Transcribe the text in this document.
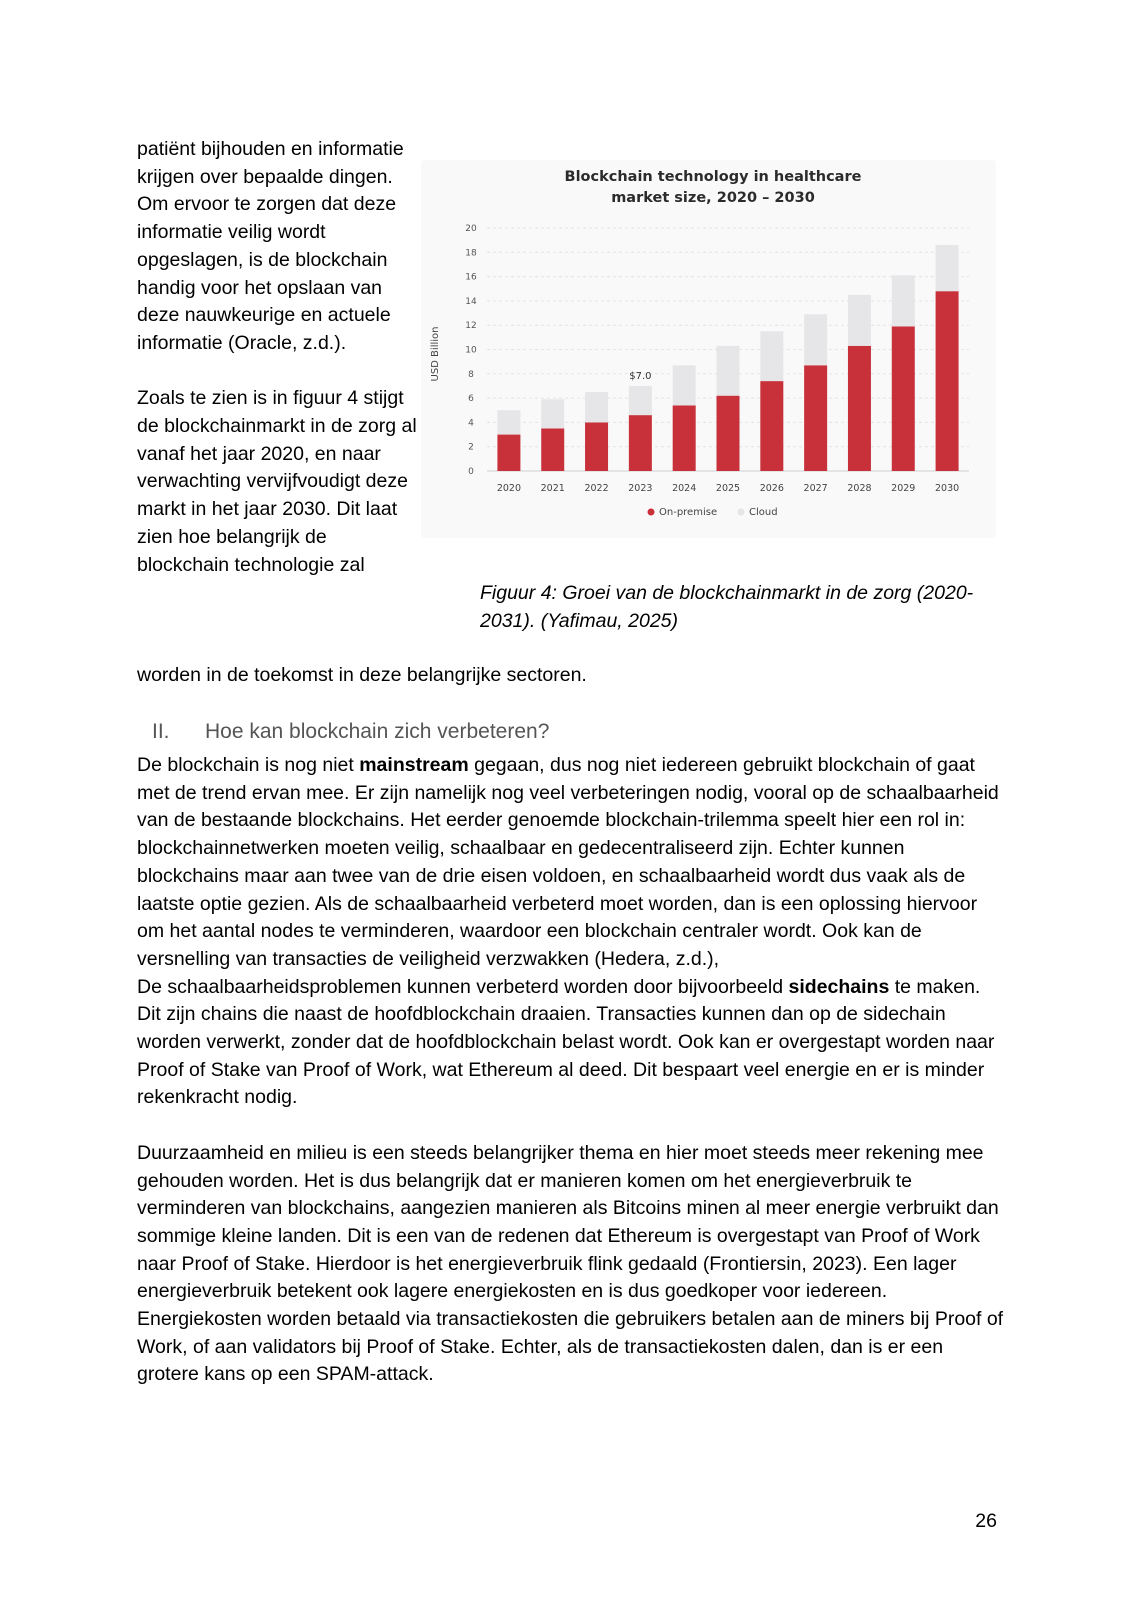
patiënt bijhouden en informatie krijgen over bepaalde dingen. Om ervoor te zorgen dat deze informatie veilig wordt opgeslagen, is de blockchain handig voor het opslaan van deze nauwkeurige en actuele informatie (Oracle, z.d.).

Zoals te zien is in figuur 4 stijgt de blockchainmarkt in de zorg al vanaf het jaar 2020, en naar verwachting vervijfvoudigt deze markt in het jaar 2030. Dit laat zien hoe belangrijk de blockchain technologie zal

worden in de toekomst in deze belangrijke sectoren.

Blockchain technology in healthcare
market size, 2020 – 2030
USD Billion
0
2
4
6
8
10
12
14
16
18
20
2020 2021 2022 2023 2024 2025 2026 2027 2028 2029 2030
$7.0
On-premise	Cloud

Figuur 4: Groei van de blockchainmarkt in de zorg (2020-2031). (Yafimau, 2025)

II. Hoe kan blockchain zich verbeteren?

De blockchain is nog niet mainstream gegaan, dus nog niet iedereen gebruikt blockchain of gaat met de trend ervan mee. Er zijn namelijk nog veel verbeteringen nodig, vooral op de schaalbaarheid van de bestaande blockchains. Het eerder genoemde blockchain-trilemma speelt hier een rol in: blockchainnetwerken moeten veilig, schaalbaar en gedecentraliseerd zijn. Echter kunnen blockchains maar aan twee van de drie eisen voldoen, en schaalbaarheid wordt dus vaak als de laatste optie gezien. Als de schaalbaarheid verbeterd moet worden, dan is een oplossing hiervoor om het aantal nodes te verminderen, waardoor een blockchain centraler wordt. Ook kan de versnelling van transacties de veiligheid verzwakken (Hedera, z.d.),

De schaalbaarheidsproblemen kunnen verbeterd worden door bijvoorbeeld sidechains te maken. Dit zijn chains die naast de hoofdblockchain draaien. Transacties kunnen dan op de sidechain worden verwerkt, zonder dat de hoofdblockchain belast wordt. Ook kan er overgestapt worden naar Proof of Stake van Proof of Work, wat Ethereum al deed. Dit bespaart veel energie en er is minder rekenkracht nodig.

Duurzaamheid en milieu is een steeds belangrijker thema en hier moet steeds meer rekening mee gehouden worden. Het is dus belangrijk dat er manieren komen om het energieverbruik te verminderen van blockchains, aangezien manieren als Bitcoins minen al meer energie verbruikt dan sommige kleine landen. Dit is een van de redenen dat Ethereum is overgestapt van Proof of Work naar Proof of Stake. Hierdoor is het energieverbruik flink gedaald (Frontiersin, 2023). Een lager energieverbruik betekent ook lagere energiekosten en is dus goedkoper voor iedereen. Energiekosten worden betaald via transactiekosten die gebruikers betalen aan de miners bij Proof of Work, of aan validators bij Proof of Stake. Echter, als de transactiekosten dalen, dan is er een grotere kans op een SPAM-attack.

26
